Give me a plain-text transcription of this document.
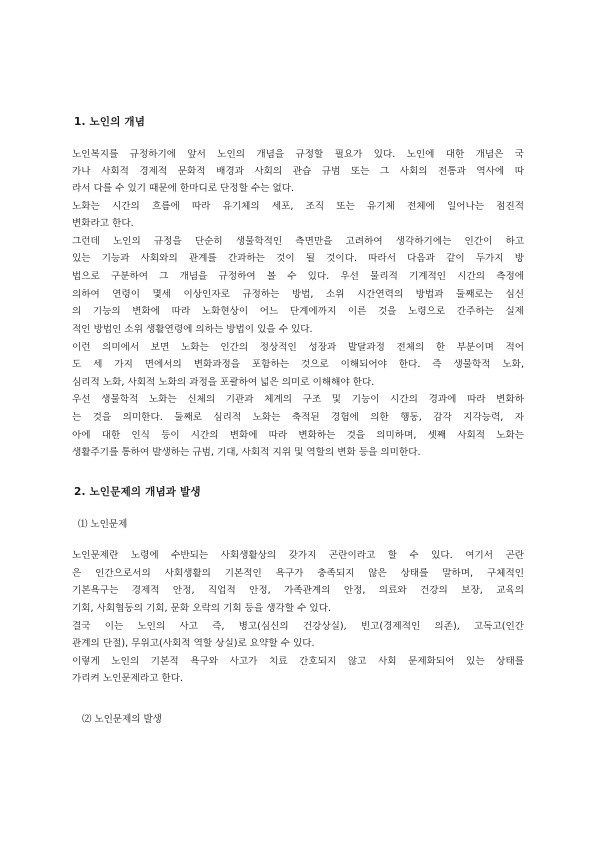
1. 노인의 개념
노인복지를 규정하기에 앞서 노인의 개념을 규정할 필요가 있다. 노인에 대한 개념은 국
가나 사회적 경제적 문화적 배경과 사회의 관습 규범 또는 그 사회의 전통과 역사에 따
라서 다를 수 있기 때문에 한마디로 단정할 수는 없다.
노화는 시간의 흐름에 따라 유기체의 세포, 조직 또는 유기체 전체에 일어나는 점진적
변화라고 한다.
그런데 노인의 규정을 단순히 생물학적인 측면만을 고려하여 생각하기에는 인간이 하고
있는 기능과 사회와의 관계를 간과하는 것이 될 것이다. 따라서 다음과 같이 두가지 방
법으로 구분하여 그 개념을 규정하여 볼 수 있다. 우선 물리적 기계적인 시간의 측정에
의하여 연령이 몇세 이상인자로 규정하는 방법, 소위 시간연력의 방법과 둘째로는 심신
의 기능의 변화에 따라 노화현상이 어느 단계에까지 이른 것을 노령으로 간주하는 실제
적인 방법인 소위 생활연령에 의하는 방법이 있을 수 있다.
이런 의미에서 보면 노화는 인간의 정상적인 성장과 발달과정 전체의 한 부분이며 적어
도 세 가지 면에서의 변화과정을 포함하는 것으로 이해되어야 한다. 즉 생물학적 노화,
심리적 노화, 사회적 노화의 과정을 포괄하여 넓은 의미로 이해해야 한다.
우선 생물학적 노화는 신체의 기관과 체계의 구조 및 기능이 시간의 경과에 따라 변화하
는 것을 의미한다. 둘째로 심리적 노화는 축적된 경험에 의한 행동, 감각 지각능력, 자
아에 대한 인식 등이 시간의 변화에 따라 변화하는 것을 의미하며, 셋째 사회적 노화는
생활주기를 통하여 발생하는 규범, 기대, 사회적 지위 및 역할의 변화 등을 의미한다.
2. 노인문제의 개념과 발생
⑴ 노인문제
노인문제란 노령에 수반되는 사회생활상의 갖가지 곤란이라고 할 수 있다. 여기서 곤란
은 인간으로서의 사회생활의 기본적인 욕구가 충족되지 않은 상태를 말하며, 구체적인
기본욕구는 경제적 안정, 직업적 안정, 가족관계의 안정, 의료와 건강의 보장, 교육의
기회, 사회협동의 기회, 문화 오락의 기회 등을 생각할 수 있다.
결국 이는 노인의 사고 즉, 병고(심신의 건강상실), 빈고(경제적인 의존), 고독고(인간
관계의 단절), 무위고(사회적 역할 상실)로 요약할 수 있다.
이렇게 노인의 기본적 욕구와 사고가 치료 간호되지 않고 사회 문제화되어 있는 상태를
가리켜 노인문제라고 한다.
⑵ 노인문제의 발생
